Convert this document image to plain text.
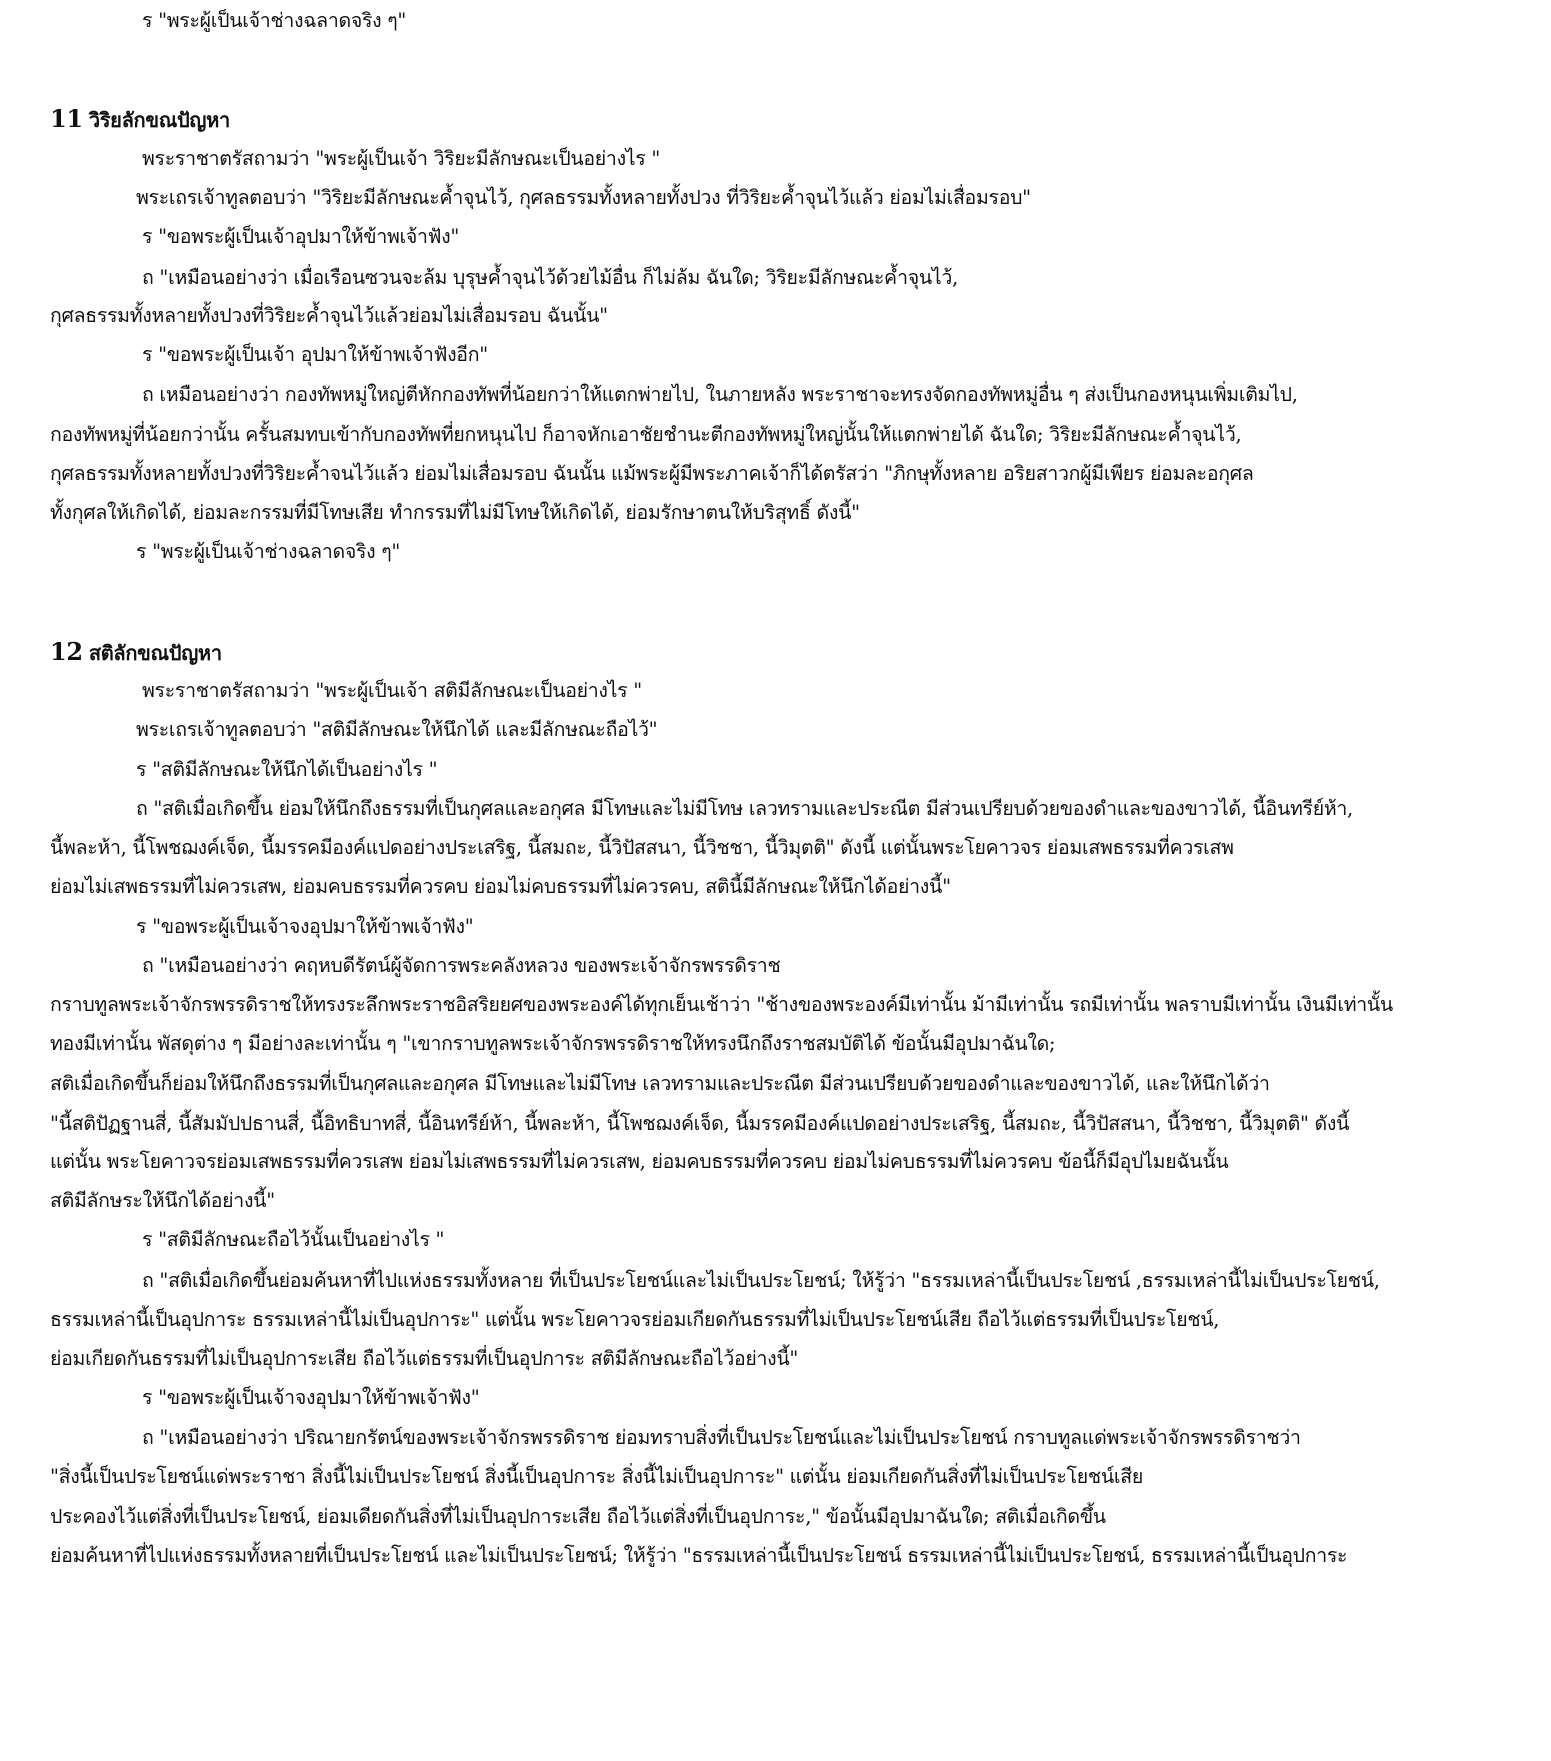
ร "พระผู้เป็นเจ้าช่างฉลาดจริง ๆ"
11 วิริยลักขณปัญหา
พระราชาตรัสถามว่า "พระผู้เป็นเจ้า วิริยะมีลักษณะเป็นอย่างไร "
พระเถรเจ้าทูลตอบว่า "วิริยะมีลักษณะค้ำจุนไว้, กุศลธรรมทั้งหลายทั้งปวง ที่วิริยะค้ำจุนไว้แล้ว ย่อมไม่เสื่อมรอบ"
ร "ขอพระผู้เป็นเจ้าอุปมาให้ข้าพเจ้าฟัง"
ถ "เหมือนอย่างว่า เมื่อเรือนซวนจะล้ม บุรุษค้ำจุนไว้ด้วยไม้อื่น ก็ไม่ล้ม ฉันใด; วิริยะมีลักษณะค้ำจุนไว้,
กุศลธรรมทั้งหลายทั้งปวงที่วิริยะค้ำจุนไว้แล้วย่อมไม่เสื่อมรอบ ฉันนั้น"
ร "ขอพระผู้เป็นเจ้า อุปมาให้ข้าพเจ้าฟังอีก"
ถ เหมือนอย่างว่า กองทัพหมู่ใหญ่ตีหักกองทัพที่น้อยกว่าให้แตกพ่ายไป, ในภายหลัง พระราชาจะทรงจัดกองทัพหมู่อื่น ๆ ส่งเป็นกองหนุนเพิ่มเติมไป,
กองทัพหมู่ที่น้อยกว่านั้น ครั้นสมทบเข้ากับกองทัพที่ยกหนุนไป ก็อาจหักเอาชัยชำนะตีกองทัพหมู่ใหญ่นั้นให้แตกพ่ายได้ ฉันใด; วิริยะมีลักษณะค้ำจุนไว้,
กุศลธรรมทั้งหลายทั้งปวงที่วิริยะค้ำจนไว้แล้ว ย่อมไม่เสื่อมรอบ ฉันนั้น แม้พระผู้มีพระภาคเจ้าก็ได้ตรัสว่า "ภิกษุทั้งหลาย อริยสาวกผู้มีเพียร ย่อมละอกุศล
ทั้งกุศลให้เกิดได้, ย่อมละกรรมที่มีโทษเสีย ทำกรรมที่ไม่มีโทษให้เกิดได้, ย่อมรักษาตนให้บริสุทธิ์ ดังนี้"
ร "พระผู้เป็นเจ้าช่างฉลาดจริง ๆ"
12 สติลักขณปัญหา
พระราชาตรัสถามว่า "พระผู้เป็นเจ้า สติมีลักษณะเป็นอย่างไร "
พระเถรเจ้าทูลตอบว่า "สติมีลักษณะให้นึกได้ และมีลักษณะถือไว้"
ร "สติมีลักษณะให้นึกได้เป็นอย่างไร "
ถ "สติเมื่อเกิดขึ้น ย่อมให้นึกถึงธรรมที่เป็นกุศลและอกุศล มีโทษและไม่มีโทษ เลวทรามและประณีต มีส่วนเปรียบด้วยของดำและของขาวได้, นี้อินทรีย์ห้า,
นี้พละห้า, นี้โพชฌงค์เจ็ด, นี้มรรคมีองค์แปดอย่างประเสริฐ, นี้สมถะ, นี้วิปัสสนา, นี้วิชชา, นี้วิมุตติ" ดังนี้ แต่นั้นพระโยคาวจร ย่อมเสพธรรมที่ควรเสพ
ย่อมไม่เสพธรรมที่ไม่ควรเสพ, ย่อมคบธรรมที่ควรคบ ย่อมไม่คบธรรมที่ไม่ควรคบ, สตินี้มีลักษณะให้นึกได้อย่างนี้"
ร "ขอพระผู้เป็นเจ้าจงอุปมาให้ข้าพเจ้าฟัง"
ถ "เหมือนอย่างว่า คฤหบดีรัตน์ผู้จัดการพระคลังหลวง ของพระเจ้าจักรพรรดิราช
กราบทูลพระเจ้าจักรพรรดิราชให้ทรงระลึกพระราชอิสริยยศของพระองค์ได้ทุกเย็นเช้าว่า "ช้างของพระองค์มีเท่านั้น ม้ามีเท่านั้น รถมีเท่านั้น พลราบมีเท่านั้น เงินมีเท่านั้น
ทองมีเท่านั้น พัสดุต่าง ๆ มีอย่างละเท่านั้น ๆ "เขากราบทูลพระเจ้าจักรพรรดิราชให้ทรงนึกถึงราชสมบัติได้ ข้อนั้นมีอุปมาฉันใด;
สติเมื่อเกิดขึ้นก็ย่อมให้นึกถึงธรรมที่เป็นกุศลและอกุศล มีโทษและไม่มีโทษ เลวทรามและประณีต มีส่วนเปรียบด้วยของดำและของขาวได้, และให้นึกได้ว่า
"นี้สติปัฏฐานสี่, นี้สัมมัปปธานสี่, นี้อิทธิบาทสี่, นี้อินทรีย์ห้า, นี้พละห้า, นี้โพชฌงค์เจ็ด, นี้มรรคมีองค์แปดอย่างประเสริฐ, นี้สมถะ, นี้วิปัสสนา, นี้วิชชา, นี้วิมุตติ" ดังนี้
แต่นั้น พระโยคาวจรย่อมเสพธรรมที่ควรเสพ ย่อมไม่เสพธรรมที่ไม่ควรเสพ, ย่อมคบธรรมที่ควรคบ ย่อมไม่คบธรรมที่ไม่ควรคบ ข้อนี้ก็มีอุปไมยฉันนั้น
สติมีลักษระให้นึกได้อย่างนี้"
ร "สติมีลักษณะถือไว้นั้นเป็นอย่างไร "
ถ "สติเมื่อเกิดขึ้นย่อมค้นหาที่ไปแห่งธรรมทั้งหลาย ที่เป็นประโยชน์และไม่เป็นประโยชน์; ให้รู้ว่า "ธรรมเหล่านี้เป็นประโยชน์ ,ธรรมเหล่านี้ไม่เป็นประโยชน์,
ธรรมเหล่านี้เป็นอุปการะ ธรรมเหล่านี้ไม่เป็นอุปการะ" แต่นั้น พระโยคาวจรย่อมเกียดกันธรรมที่ไม่เป็นประโยชน์เสีย ถือไว้แต่ธรรมที่เป็นประโยชน์,
ย่อมเกียดกันธรรมที่ไม่เป็นอุปการะเสีย ถือไว้แต่ธรรมที่เป็นอุปการะ สติมีลักษณะถือไว้อย่างนี้"
ร "ขอพระผู้เป็นเจ้าจงอุปมาให้ข้าพเจ้าฟัง"
ถ "เหมือนอย่างว่า ปริณายกรัตน์ของพระเจ้าจักรพรรดิราช ย่อมทราบสิ่งที่เป็นประโยชน์และไม่เป็นประโยชน์ กราบทูลแด่พระเจ้าจักรพรรดิราชว่า
"สิ่งนี้เป็นประโยชน์แด่พระราชา สิ่งนี้ไม่เป็นประโยชน์ สิ่งนี้เป็นอุปการะ สิ่งนี้ไม่เป็นอุปการะ" แต่นั้น ย่อมเกียดกันสิ่งที่ไม่เป็นประโยชน์เสีย
ประคองไว้แต่สิ่งที่เป็นประโยชน์, ย่อมเดียดกันสิ่งที่ไม่เป็นอุปการะเสีย ถือไว้แต่สิ่งที่เป็นอุปการะ," ข้อนั้นมีอุปมาฉันใด; สติเมื่อเกิดขึ้น
ย่อมค้นหาที่ไปแห่งธรรมทั้งหลายที่เป็นประโยชน์ และไม่เป็นประโยชน์; ให้รู้ว่า "ธรรมเหล่านี้เป็นประโยชน์ ธรรมเหล่านี้ไม่เป็นประโยชน์, ธรรมเหล่านี้เป็นอุปการะ
